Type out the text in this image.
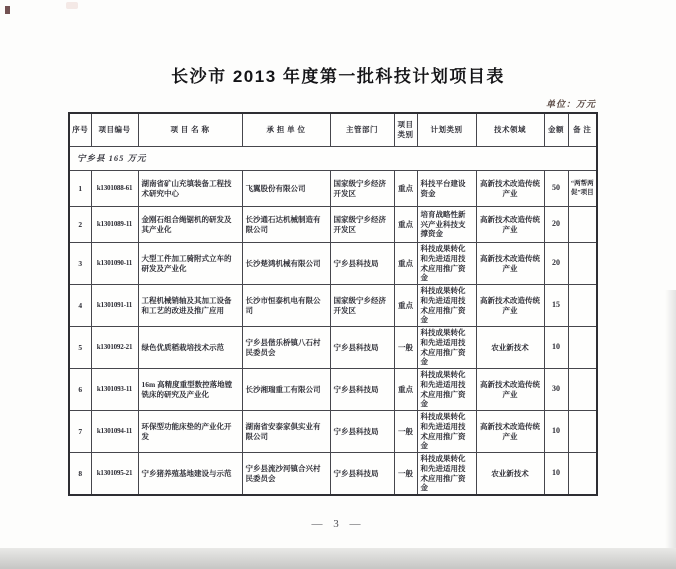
长沙市 2013 年度第一批科技计划项目表
单位：万元
序号	项目编号	项 目 名 称	承 担 单 位	主管部门	项目类别	计划类别	技术领域	金额	备 注
宁乡县 165 万元									
1	k1301088-61	湖南省矿山充填装备工程技术研究中心	飞翼股份有限公司	国家级宁乡经济开发区	重点	科技平台建设资金	高新技术改造传统产业	50	“两帮两促”项目
2	k1301089-11	金刚石组合绳锯机的研发及其产业化	长沙通石达机械制造有限公司	国家级宁乡经济开发区	重点	培育战略性新兴产业科技支撑资金	高新技术改造传统产业	20	
3	k1301090-11	大型工件加工骑附式立车的研发及产业化	长沙楚鸿机械有限公司	宁乡县科技局	重点	科技成果转化和先进适用技术应用推广资金	高新技术改造传统产业	20	
4	k1301091-11	工程机械销轴及其加工设备和工艺的改进及推广应用	长沙市恒泰机电有限公司	国家级宁乡经济开发区	重点	科技成果转化和先进适用技术应用推广资金	高新技术改造传统产业	15	
5	k1301092-21	绿色优质稻栽培技术示范	宁乡县偕乐桥镇八石村民委员会	宁乡县科技局	一般	科技成果转化和先进适用技术应用推广资金	农业新技术	10	
6	k1301093-11	16m 高精度重型数控落地镗铣床的研究及产业化	长沙湘瑞重工有限公司	宁乡县科技局	重点	科技成果转化和先进适用技术应用推广资金	高新技术改造传统产业	30	
7	k1301094-11	环保型功能床垫的产业化开发	湖南省安泰家俱实业有限公司	宁乡县科技局	一般	科技成果转化和先进适用技术应用推广资金	高新技术改造传统产业	10	
8	k1301095-21	宁乡猪养殖基地建设与示范	宁乡县流沙河镇合兴村民委员会	宁乡县科技局	一般	科技成果转化和先进适用技术应用推广资金	农业新技术	10	
— 3 —
